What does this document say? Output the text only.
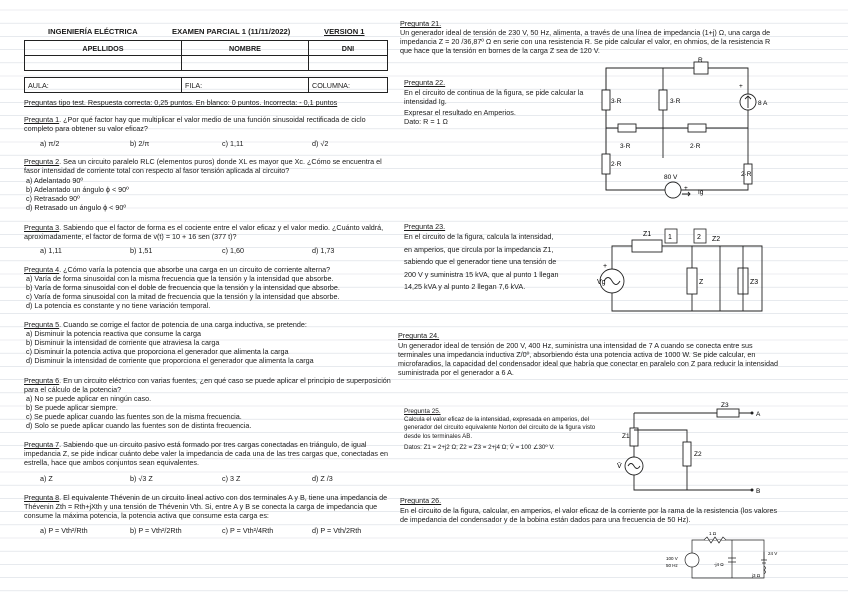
INGENIERÍA ELÉCTRICA	EXAMEN PARCIAL 1 (11/11/2022)	VERSION 1
APELLIDOS	NOMBRE	DNI

AULA:	FILA:	COLUMNA:
Preguntas tipo test. Respuesta correcta: 0,25 puntos. En blanco: 0 puntos. Incorrecta: - 0,1 puntos
Pregunta 1. ¿Por qué factor hay que multiplicar el valor medio de una función sinusoidal rectificada de ciclo completo para obtener su valor eficaz?
a) π/2	b) 2/π	c) 1,11	d) √2
Pregunta 2. Sea un circuito paralelo RLC (elementos puros) donde XL es mayor que Xc. ¿Cómo se encuentra el fasor intensidad de corriente total con respecto al fasor tensión aplicada al circuito?
a) Adelantado 90º
b) Adelantado un ángulo ϕ < 90º
c) Retrasado 90º
d) Retrasado un ángulo ϕ < 90º
Pregunta 3. Sabiendo que el factor de forma es el cociente entre el valor eficaz y el valor medio. ¿Cuánto valdrá, aproximadamente, el factor de forma de v(t) = 10 + 16 sen (377 t)?
a) 1,11	b) 1,51	c) 1,60	d) 1,73
Pregunta 4. ¿Cómo varía la potencia que absorbe una carga en un circuito de corriente alterna?
a) Varía de forma sinusoidal con la misma frecuencia que la tensión y la intensidad que absorbe.
b) Varía de forma sinusoidal con el doble de frecuencia que la tensión y la intensidad que absorbe.
c) Varía de forma sinusoidal con la mitad de frecuencia que la tensión y la intensidad que absorbe.
d) La potencia es constante y no tiene variación temporal.
Pregunta 5. Cuando se corrige el factor de potencia de una carga inductiva, se pretende:
a) Disminuir la potencia reactiva que consume la carga
b) Disminuir la intensidad de corriente que atraviesa la carga
c) Disminuir la potencia activa que proporciona el generador que alimenta la carga
d) Disminuir la intensidad de corriente que proporciona el generador que alimenta la carga
Pregunta 6. En un circuito eléctrico con varias fuentes, ¿en qué caso se puede aplicar el principio de superposición para el cálculo de la potencia?
a) No se puede aplicar en ningún caso.
b) Se puede aplicar siempre.
c) Se puede aplicar cuando las fuentes son de la misma frecuencia.
d) Solo se puede aplicar cuando las fuentes son de distinta frecuencia.
Pregunta 7. Sabiendo que un circuito pasivo está formado por tres cargas conectadas en triángulo, de igual impedancia Z, se pide indicar cuánto debe valer la impedancia de cada una de las tres cargas que, conectadas en estrella, hace que ambos conjuntos sean equivalentes.
a) Z	b) √3 Z	c) 3 Z	d) Z /3
Pregunta 8. El equivalente Thévenin de un circuito lineal activo con dos terminales A y B, tiene una impedancia de Thévenin Zth = Rth+jXth y una tensión de Thévenin Vth. Si, entre A y B se conecta la carga de impedancia que consume la máxima potencia, la potencia activa que consume esta carga es:
a) P = Vth²/Rth	b) P = Vth²/2Rth	c) P = Vth²/4Rth	d) P = Vth/2Rth
Pregunta 21.
Un generador ideal de tensión de 230 V, 50 Hz, alimenta, a través de una línea de impedancia (1+j) Ω, una carga de impedancia Z = 20 /36,87º Ω en serie con una resistencia R. Se pide calcular el valor, en ohmios, de la resistencia R que hace que la tensión en bornes de la carga Z sea de 120 V.
Pregunta 22.
En el circuito de continua de la figura, se pide calcular la intensidad Ig.
Expresar el resultado en Amperios.
Dato: R = 1 Ω
Pregunta 23.
En el circuito de la figura, calcula la intensidad, en amperios, que circula por la impedancia Z1, sabiendo que el generador tiene una tensión de 200 V y suministra 15 kVA, que al punto 1 llegan 14,25 kVA y al punto 2 llegan 7,6 kVA.
Pregunta 24.
Un generador ideal de tensión de 200 V, 400 Hz, suministra una intensidad de 7 A cuando se conecta entre sus terminales una impedancia inductiva Z/0º, absorbiendo ésta una potencia activa de 1000 W. Se pide calcular, en microfaradios, la capacidad del condensador ideal que habría que conectar en paralelo con Z para reducir la intensidad suministrada por el generador a 6 A.
Pregunta 25.
Calcula el valor eficaz de la intensidad, expresada en amperios, del generador del circuito equivalente Norton del circuito de la figura visto desde los terminales AB.
Datos: Z1 = 2+j2 Ω; Z2 = Z3 = 2+j4 Ω; V̄ = 100 ∠30º V.
Pregunta 26.
En el circuito de la figura, calcular, en amperios, el valor eficaz de la corriente por la rama de la resistencia (los valores de impedancia del condensador y de la bobina están dados para una frecuencia de 50 Hz).
R
3·R	3·R	8 A
+
3·R	2·R
2·R
2·R
80 V
+
Ig
Z1 1	2 Z2
Vg
+
Z	Z3
Z3
A
Z1
V̄
Z2
B
1 Ω
100 V
50 Hz	-j4 Ω
24 V
j3 Ω
